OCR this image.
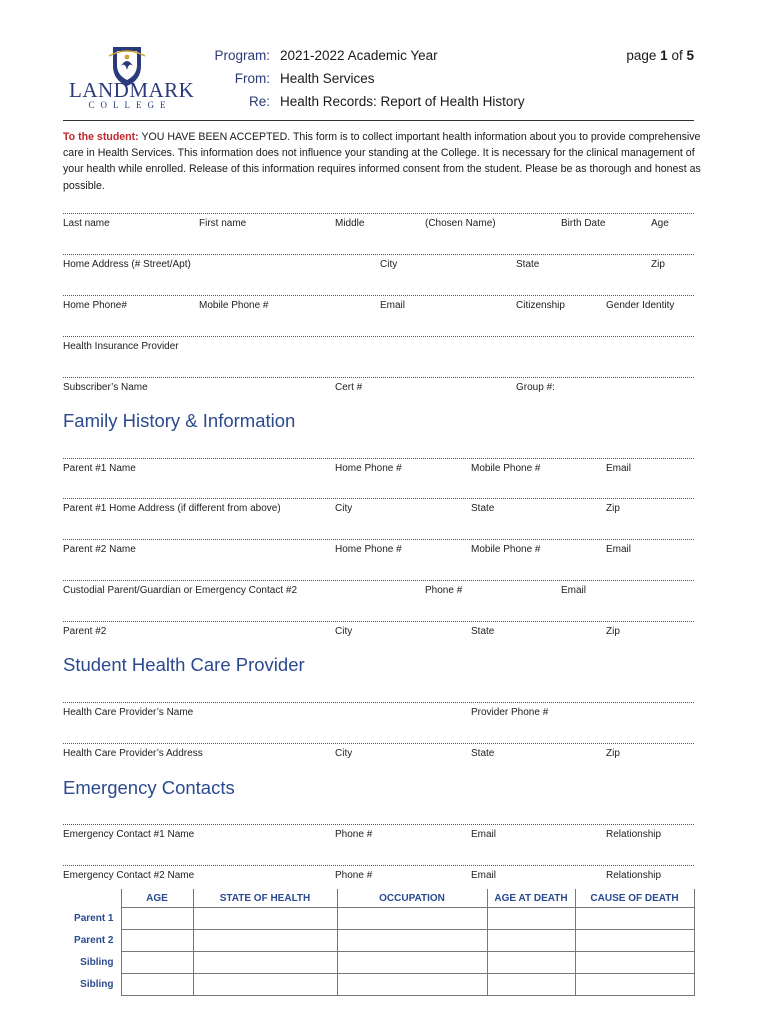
LANDMARK
COLLEGE
Program: 2021-2022 Academic Year
From: Health Services
Re: Health Records: Report of Health History
page 1 of 5
To the student: YOU HAVE BEEN ACCEPTED. This form is to collect important health information about you to provide comprehensive care in Health Services. This information does not influence your standing at the College. It is necessary for the clinical management of your health while enrolled. Release of this information requires informed consent from the student. Please be as thorough and honest as possible.
Last name	First name	Middle	(Chosen Name)	Birth Date	Age
Home Address (# Street/Apt)	City	State	Zip
Home Phone#	Mobile Phone #	Email	Citizenship	Gender Identity
Health Insurance Provider
Subscriber’s Name	Cert #	Group #:
Family History & Information
Parent #1 Name	Home Phone #	Mobile Phone #	Email
Parent #1 Home Address (if different from above)	City	State	Zip
Parent #2 Name	Home Phone #	Mobile Phone #	Email
Custodial Parent/Guardian or Emergency Contact #2	Phone #	Email
Parent #2	City	State	Zip
Student Health Care Provider
Health Care Provider’s Name	Provider Phone #
Health Care Provider’s Address	City	State	Zip
Emergency Contacts
Emergency Contact #1 Name	Phone #	Email	Relationship
Emergency Contact #2 Name	Phone #	Email	Relationship
	AGE	STATE OF HEALTH	OCCUPATION	AGE AT DEATH	CAUSE OF DEATH
Parent 1					
Parent 2					
Sibling					
Sibling					
